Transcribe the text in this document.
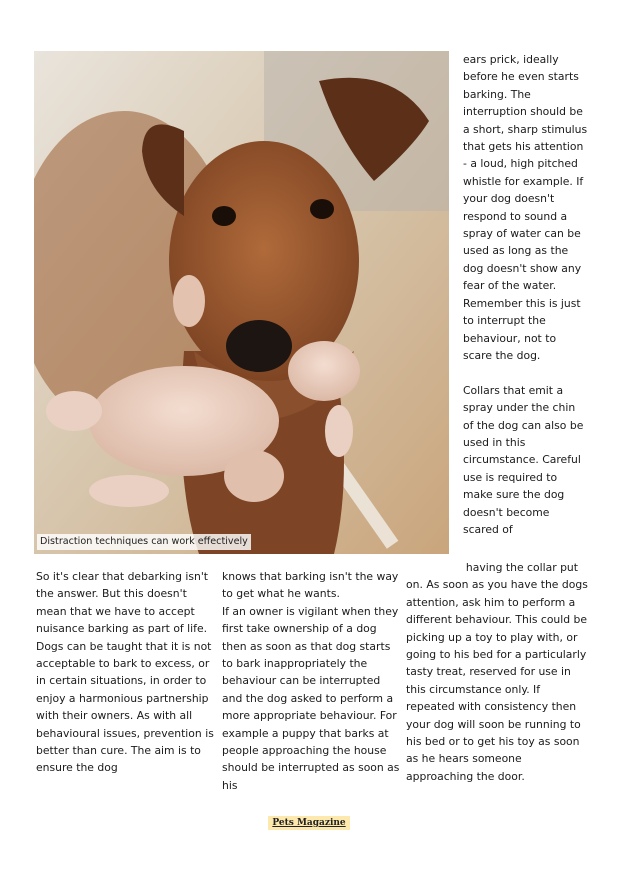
Distraction techniques can work effectively

ears prick, ideally before he even starts barking. The interruption should be a short, sharp stimulus that gets his attention - a loud, high pitched whistle for example. If your dog doesn't respond to sound a spray of water can be used as long as the dog doesn't show any fear of the water. Remember this is just to interrupt the behaviour, not to scare the dog.

Collars that emit a spray under the chin of the dog can also be used in this circumstance. Careful use is required to make sure the dog doesn't become scared of

So it's clear that debarking isn't the answer. But this doesn't mean that we have to accept nuisance barking as part of life. Dogs can be taught that it is not acceptable to bark to excess, or in certain situations, in order to enjoy a harmonious partnership with their owners. As with all behavioural issues, prevention is better than cure. The aim is to ensure the dog

knows that barking isn't the way to get what he wants.

If an owner is vigilant when they first take ownership of a dog then as soon as that dog starts to bark inappropriately the behaviour can be interrupted and the dog asked to perform a more appropriate behaviour. For example a puppy that barks at people approaching the house should be interrupted as soon as his

having the collar put

on. As soon as you have the dogs attention, ask him to perform a different behaviour. This could be picking up a toy to play with, or going to his bed for a particularly tasty treat, reserved for use in this circumstance only. If repeated with consistency then your dog will soon be running to his bed or to get his toy as soon as he hears someone approaching the door.

Pets Magazine
